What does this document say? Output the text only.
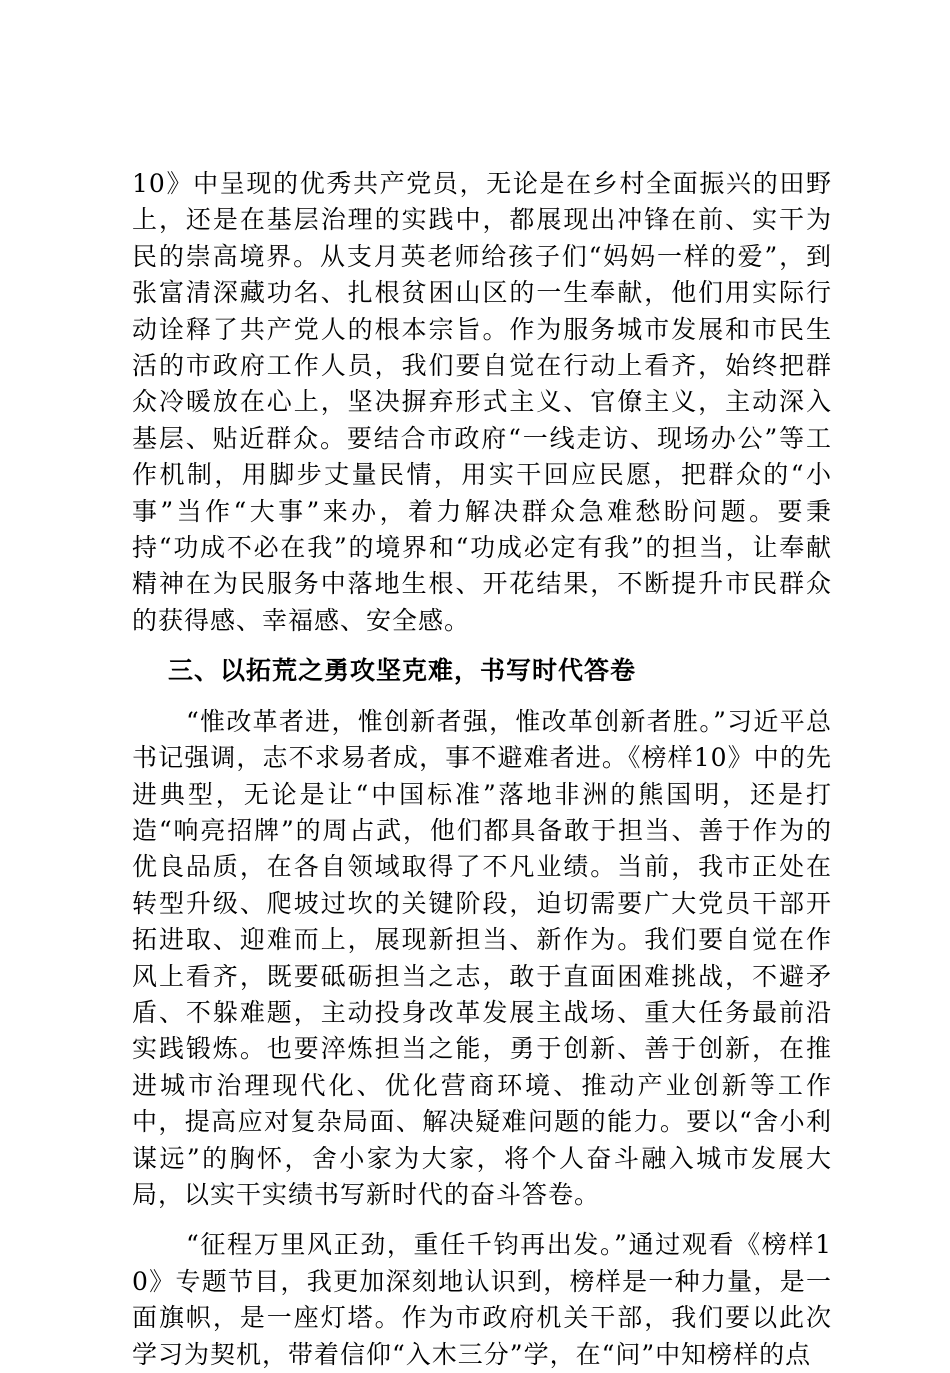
10》中呈现的优秀共产党员，无论是在乡村全面振兴的田野上，还是在基层治理的实践中，都展现出冲锋在前、实干为民的崇高境界。从支月英老师给孩子们“妈妈一样的爱”，到张富清深藏功名、扎根贫困山区的一生奉献，他们用实际行动诠释了共产党人的根本宗旨。作为服务城市发展和市民生活的市政府工作人员，我们要自觉在行动上看齐，始终把群众冷暖放在心上，坚决摒弃形式主义、官僚主义，主动深入基层、贴近群众。要结合市政府“一线走访、现场办公”等工作机制，用脚步丈量民情，用实干回应民愿，把群众的“小事”当作“大事”来办，着力解决群众急难愁盼问题。要秉持“功成不必在我”的境界和“功成必定有我”的担当，让奉献精神在为民服务中落地生根、开花结果，不断提升市民群众的获得感、幸福感、安全感。

三、以拓荒之勇攻坚克难，书写时代答卷

“惟改革者进，惟创新者强，惟改革创新者胜。”习近平总书记强调，志不求易者成，事不避难者进。《榜样10》中的先进典型，无论是让“中国标准”落地非洲的熊国明，还是打造“响亮招牌”的周占武，他们都具备敢于担当、善于作为的优良品质，在各自领域取得了不凡业绩。当前，我市正处在转型升级、爬坡过坎的关键阶段，迫切需要广大党员干部开拓进取、迎难而上，展现新担当、新作为。我们要自觉在作风上看齐，既要砥砺担当之志，敢于直面困难挑战，不避矛盾、不躲难题，主动投身改革发展主战场、重大任务最前沿实践锻炼。也要淬炼担当之能，勇于创新、善于创新，在推进城市治理现代化、优化营商环境、推动产业创新等工作中，提高应对复杂局面、解决疑难问题的能力。要以“舍小利谋远”的胸怀，舍小家为大家，将个人奋斗融入城市发展大局，以实干实绩书写新时代的奋斗答卷。

“征程万里风正劲，重任千钧再出发。”通过观看《榜样10》专题节目，我更加深刻地认识到，榜样是一种力量，是一面旗帜，是一座灯塔。作为市政府机关干部，我们要以此次学习为契机，带着信仰“入木三分”学，在“问”中知榜样的点
